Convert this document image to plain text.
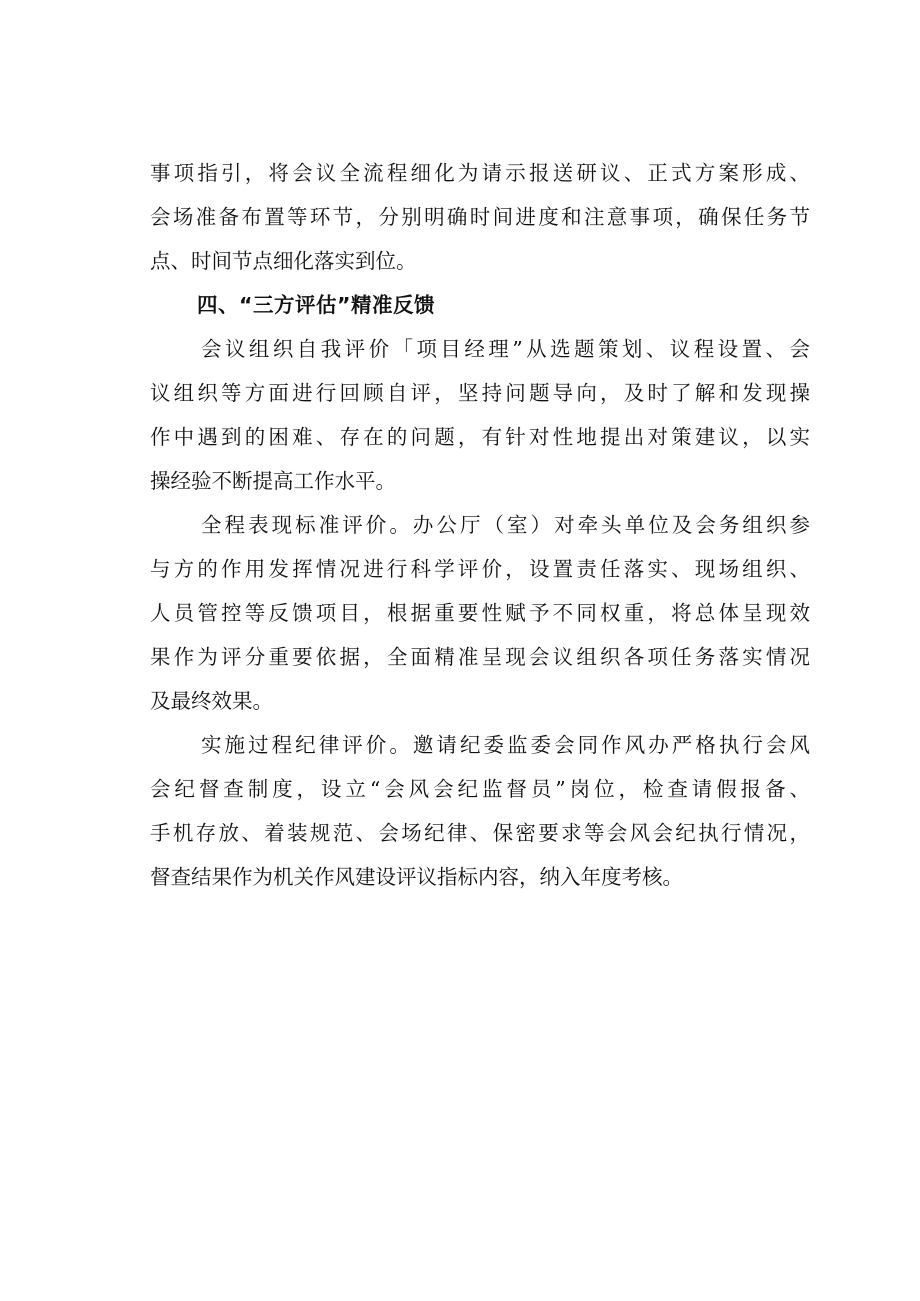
事项指引，将会议全流程细化为请示报送研议、正式方案形成、
会场准备布置等环节，分别明确时间进度和注意事项，确保任务节
点、时间节点细化落实到位。
四、“三方评估”精准反馈
会议组织自我评价「项目经理”从选题策划、议程设置、会
议组织等方面进行回顾自评，坚持问题导向，及时了解和发现操
作中遇到的困难、存在的问题，有针对性地提出对策建议，以实
操经验不断提高工作水平。
全程表现标准评价。办公厅（室）对牵头单位及会务组织参
与方的作用发挥情况进行科学评价，设置责任落实、现场组织、
人员管控等反馈项目，根据重要性赋予不同权重，将总体呈现效
果作为评分重要依据，全面精准呈现会议组织各项任务落实情况
及最终效果。
实施过程纪律评价。邀请纪委监委会同作风办严格执行会风
会纪督查制度，设立“会风会纪监督员”岗位，检查请假报备、
手机存放、着装规范、会场纪律、保密要求等会风会纪执行情况，
督查结果作为机关作风建设评议指标内容，纳入年度考核。
